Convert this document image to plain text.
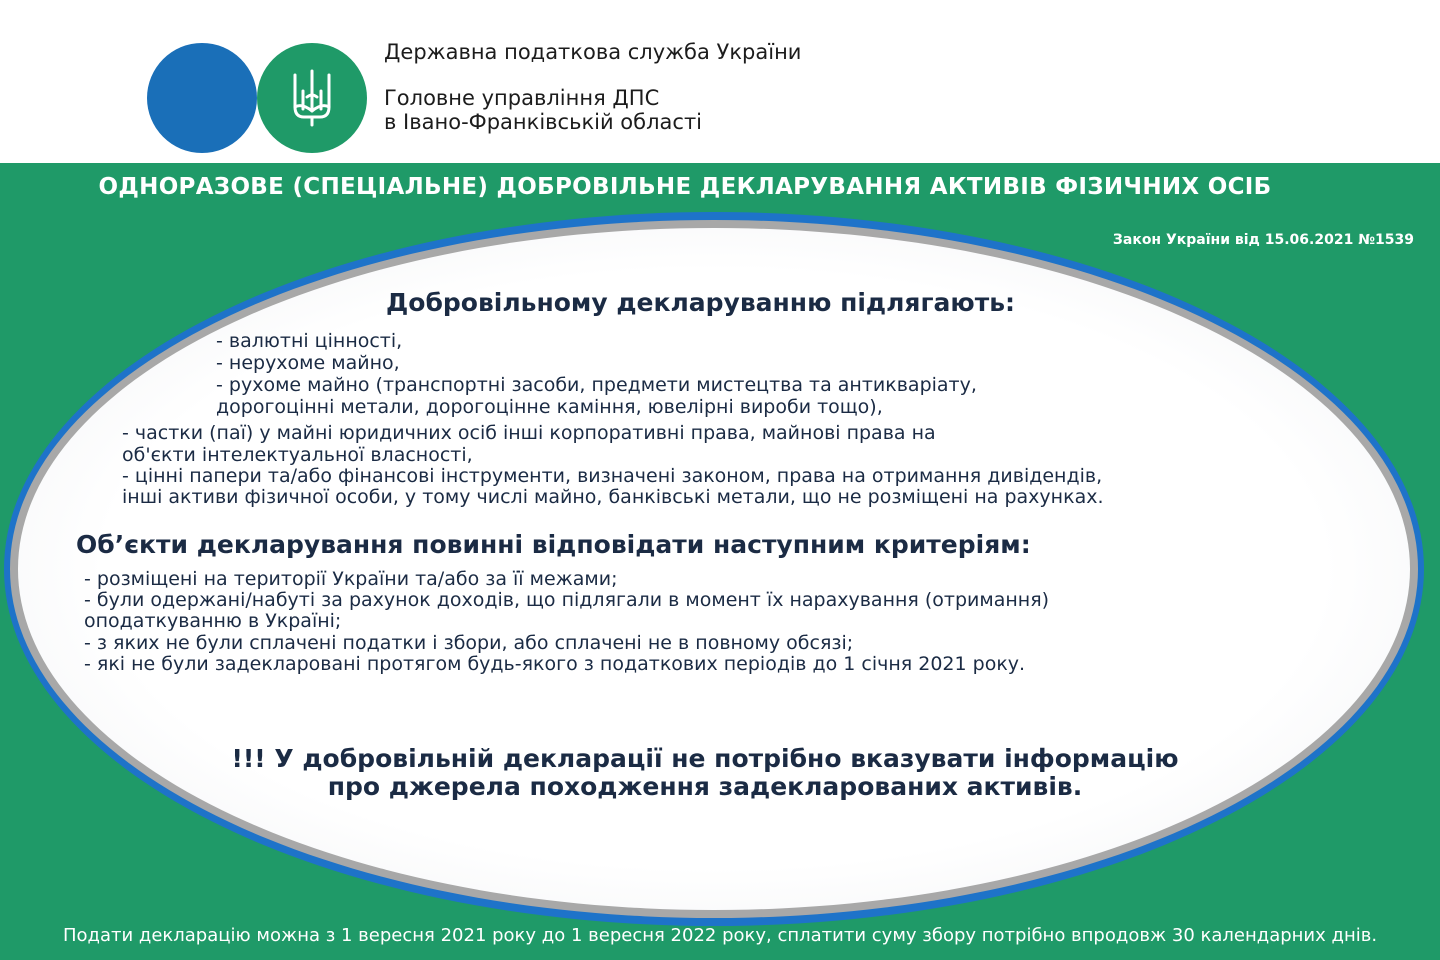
Державна податкова служба України
Головне управління ДПС
в Івано-Франківській області
ОДНОРАЗОВЕ (СПЕЦІАЛЬНЕ) ДОБРОВІЛЬНЕ ДЕКЛАРУВАННЯ АКТИВІВ ФІЗИЧНИХ ОСІБ
Закон України від 15.06.2021 №1539
Добровільному декларуванню підлягають:
- валютні цінності,
- нерухоме майно,
- рухоме майно (транспортні засоби, предмети мистецтва та антикваріату,
дорогоцінні метали, дорогоцінне каміння, ювелірні вироби тощо),
- частки (паї) у майні юридичних осіб інші корпоративні права, майнові права на
об'єкти інтелектуальної власності,
- цінні папери та/або фінансові інструменти, визначені законом, права на отримання дивідендів,
інші активи фізичної особи, у тому числі майно, банківські метали, що не розміщені на рахунках.
Об’єкти декларування повинні відповідати наступним критеріям:
- розміщені на території України та/або за її межами;
- були одержані/набуті за рахунок доходів, що підлягали в момент їх нарахування (отримання)
оподаткуванню в Україні;
- з яких не були сплачені податки і збори, або сплачені не в повному обсязі;
- які не були задекларовані протягом будь-якого з податкових періодів до 1 січня 2021 року.
!!! У добровільній декларації не потрібно вказувати інформацію
про джерела походження задекларованих активів.
Подати декларацію можна з 1 вересня 2021 року до 1 вересня 2022 року, сплатити суму збору потрібно впродовж 30 календарних днів.
